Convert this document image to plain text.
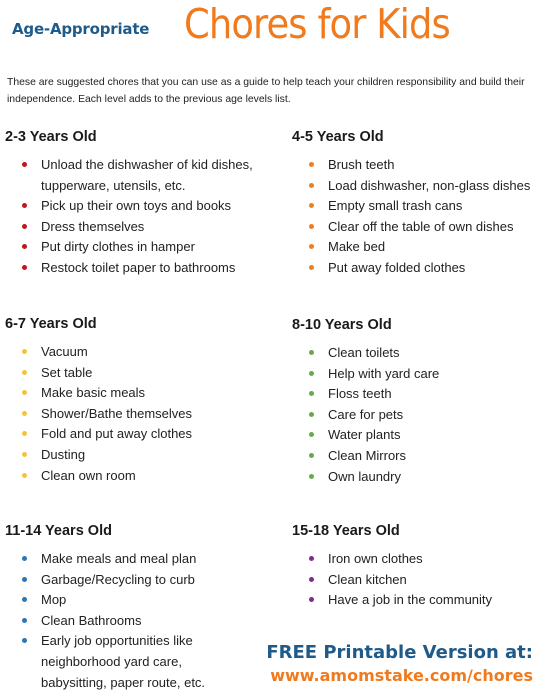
Age-Appropriate Chores for Kids
These are suggested chores that you can use as a guide to help teach your children responsibility and build their independence. Each level adds to the previous age levels list.
2-3 Years Old
Unload the dishwasher of kid dishes, tupperware, utensils, etc.
Pick up their own toys and books
Dress themselves
Put dirty clothes in hamper
Restock toilet paper to bathrooms
4-5 Years Old
Brush teeth
Load dishwasher, non-glass dishes
Empty small trash cans
Clear off the table of own dishes
Make bed
Put away folded clothes
6-7 Years Old
Vacuum
Set table
Make basic meals
Shower/Bathe themselves
Fold and put away clothes
Dusting
Clean own room
8-10 Years Old
Clean toilets
Help with yard care
Floss teeth
Care for pets
Water plants
Clean Mirrors
Own laundry
11-14 Years Old
Make meals and meal plan
Garbage/Recycling to curb
Mop
Clean Bathrooms
Early job opportunities like neighborhood yard care, babysitting, paper route, etc.
15-18 Years Old
Iron own clothes
Clean kitchen
Have a job in the community
FREE Printable Version at:
www.amomstake.com/chores
